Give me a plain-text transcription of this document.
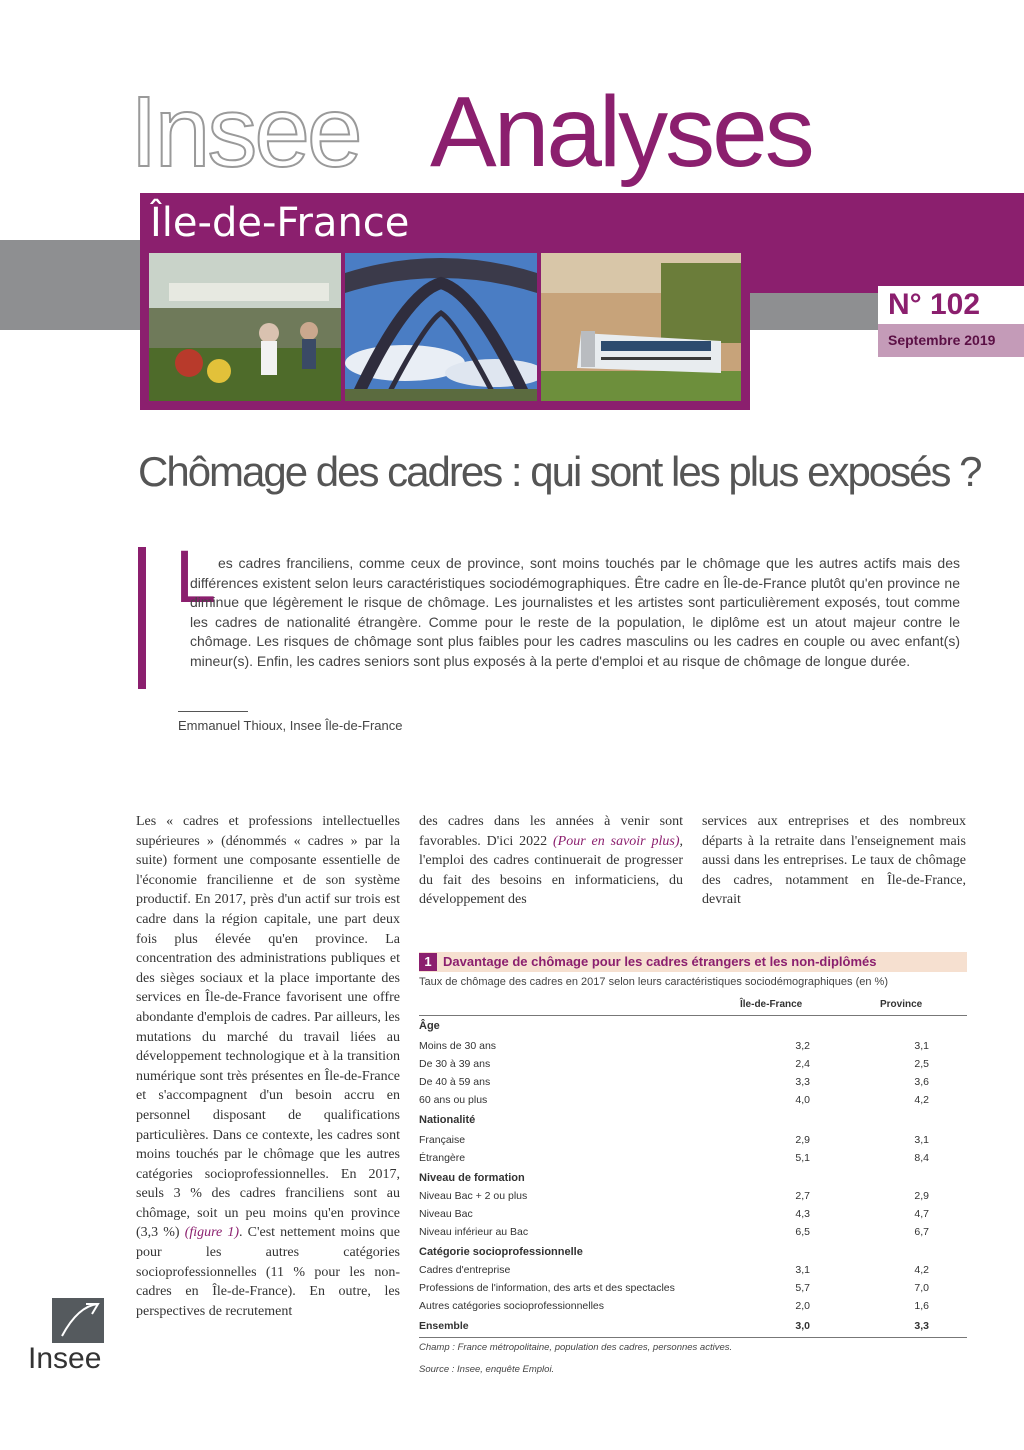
Insee Analyses
Île-de-France
N° 102
Septembre 2019
Chômage des cadres : qui sont les plus exposés ?
L es cadres franciliens, comme ceux de province, sont moins touchés par le chômage que les autres actifs mais des différences existent selon leurs caractéristiques sociodémographiques. Être cadre en Île-de-France plutôt qu'en province ne diminue que légèrement le risque de chômage. Les journalistes et les artistes sont particulièrement exposés, tout comme les cadres de nationalité étrangère. Comme pour le reste de la population, le diplôme est un atout majeur contre le chômage. Les risques de chômage sont plus faibles pour les cadres masculins ou les cadres en couple ou avec enfant(s) mineur(s). Enfin, les cadres seniors sont plus exposés à la perte d'emploi et au risque de chômage de longue durée.
Emmanuel Thioux, Insee Île-de-France
Les « cadres et professions intellectuelles supérieures » (dénommés « cadres » par la suite) forment une composante essentielle de l'économie francilienne et de son système productif. En 2017, près d'un actif sur trois est cadre dans la région capitale, une part deux fois plus élevée qu'en province. La concentration des administrations publiques et des sièges sociaux et la place importante des services en Île-de-France favorisent une offre abondante d'emplois de cadres. Par ailleurs, les mutations du marché du travail liées au développement technologique et à la transition numérique sont très présentes en Île-de-France et s'accompagnent d'un besoin accru en personnel disposant de qualifications particulières. Dans ce contexte, les cadres sont moins touchés par le chômage que les autres catégories socioprofessionnelles. En 2017, seuls 3 % des cadres franciliens sont au chômage, soit un peu moins qu'en province (3,3 %) (figure 1). C'est nettement moins que pour les autres catégories socioprofessionnelles (11 % pour les non-cadres en Île-de-France). En outre, les perspectives de recrutement
des cadres dans les années à venir sont favorables. D'ici 2022 (Pour en savoir plus), l'emploi des cadres continuerait de progresser du fait des besoins en informaticiens, du développement des
services aux entreprises et des nombreux départs à la retraite dans l'enseignement mais aussi dans les entreprises. Le taux de chômage des cadres, notamment en Île-de-France, devrait
1 Davantage de chômage pour les cadres étrangers et les non-diplômés
Taux de chômage des cadres en 2017 selon leurs caractéristiques sociodémographiques (en %)
Île-de-France	Province
Âge
Moins de 30 ans	3,2	3,1
De 30 à 39 ans	2,4	2,5
De 40 à 59 ans	3,3	3,6
60 ans ou plus	4,0	4,2
Nationalité
Française	2,9	3,1
Étrangère	5,1	8,4
Niveau de formation
Niveau Bac + 2 ou plus	2,7	2,9
Niveau Bac	4,3	4,7
Niveau inférieur au Bac	6,5	6,7
Catégorie socioprofessionnelle
Cadres d'entreprise	3,1	4,2
Professions de l'information, des arts et des spectacles	5,7	7,0
Autres catégories socioprofessionnelles	2,0	1,6
Ensemble	3,0	3,3
Champ : France métropolitaine, population des cadres, personnes actives.
Source : Insee, enquête Emploi.
Insee
